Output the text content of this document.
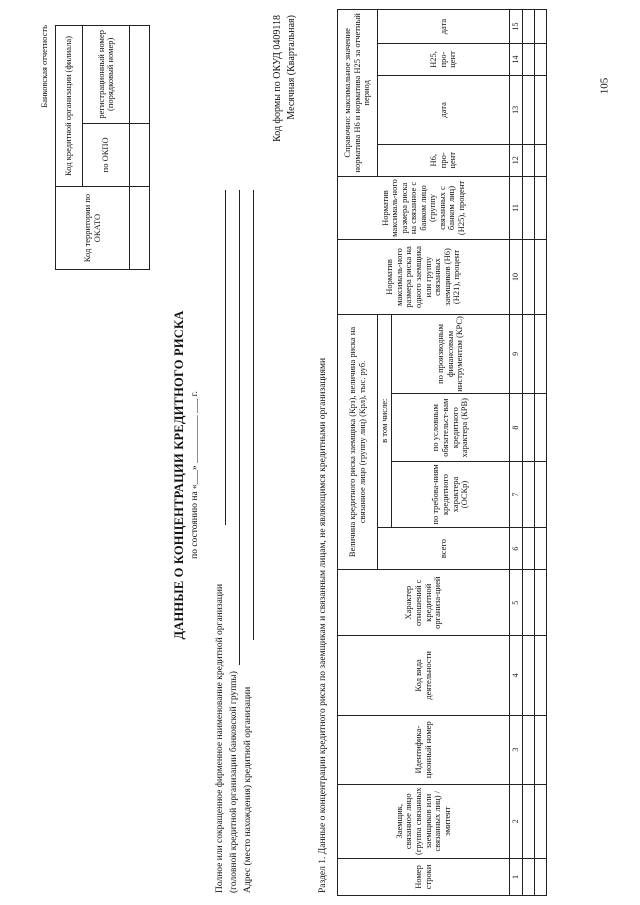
Банковская отчетность
Код территории по ОКАТО	Код кредитной организации (филиала)	
	по ОКПО	регистрационный номер (порядковый номер)

ДАННЫЕ О КОНЦЕНТРАЦИИ КРЕДИТНОГО РИСКА по состоянию на «___» __________ ___ г.
Полное или сокращенное фирменное наименование кредитной организации (головной кредитной организации банковской группы) Адрес (место нахождения) кредитной организации
Код формы по ОКУД 0409118 Месячная (Квартальная)
Раздел 1. Данные о концентрации кредитного риска по заемщикам и связанным лицам, не являющимся кредитными организациями	Номер строки	Заемщик, связанное лицо (группа связанных заемщиков или связанных лиц) / эмитент	Идентифика-ционный номер	Код вида деятельности	Характер отношений с кредитной организа-цией	Величина кредитного риска заемщика (Крз), величина риска на связанное лицо (группу лиц) (Крл), тыс. руб.				Норматив максималь-ного размера риска на одного заемщика или группу связанных заемщиков (Н6) (Н21), процент	Норматив максималь-ного размера риска на связанное с банком лицо (группу связанных с банком лиц) (Н25), процент	Справочно: максимальное значение норматива Н6 и норматива Н25 за отчетный период			
					всего	в том числе:					Н6, про-цент	дата	Н25, про-цент	дата
						по требова-ниям кредитного характера (ОСКр)	по условным обязательст-вам кредитного характера (КРВ)	по производным финансовым инструментам (КРС)						
1	2	3	4	5	6	7	8	9	10	11	12	13	14	15

105
